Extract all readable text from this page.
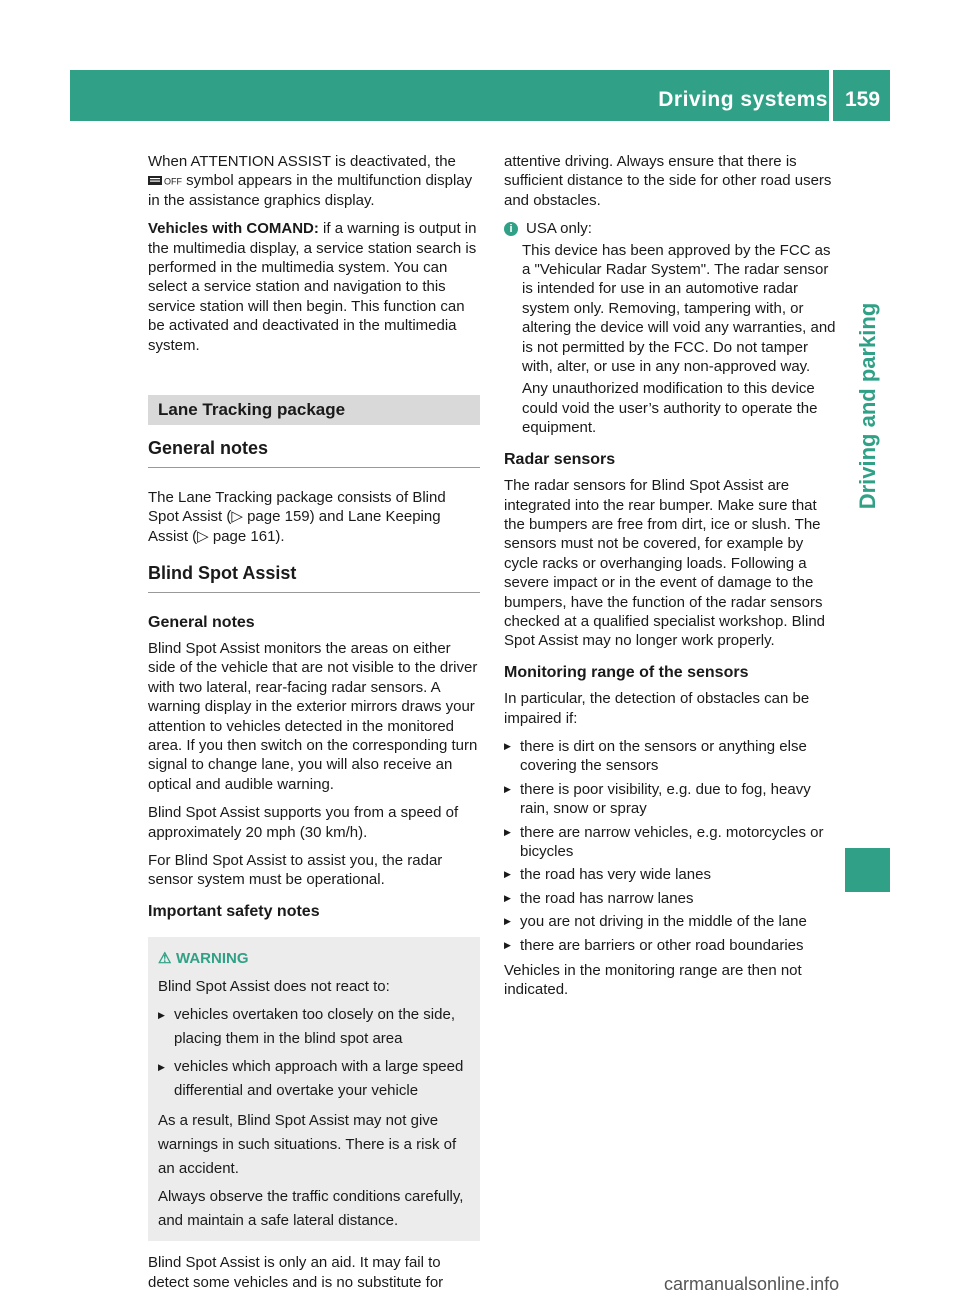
Driving systems 159
Driving and parking

When ATTENTION ASSIST is deactivated, the
OFF symbol appears in the multifunction display in the assistance graphics display.

Vehicles with COMAND: if a warning is output in the multimedia display, a service station search is performed in the multimedia system. You can select a service station and navigation to this service station will then begin. This function can be activated and deactivated in the multimedia system.

Lane Tracking package
General notes

The Lane Tracking package consists of Blind Spot Assist (▷ page 159) and Lane Keeping Assist (▷ page 161).

Blind Spot Assist
General notes

Blind Spot Assist monitors the areas on either side of the vehicle that are not visible to the driver with two lateral, rear-facing radar sensors. A warning display in the exterior mirrors draws your attention to vehicles detected in the monitored area. If you then switch on the corresponding turn signal to change lane, you will also receive an optical and audible warning.

Blind Spot Assist supports you from a speed of approximately 20 mph (30 km/h).

For Blind Spot Assist to assist you, the radar sensor system must be operational.

Important safety notes
⚠ WARNING

Blind Spot Assist does not react to:

▶ vehicles overtaken too closely on the side, placing them in the blind spot area
▶ vehicles which approach with a large speed differential and overtake your vehicle

As a result, Blind Spot Assist may not give warnings in such situations. There is a risk of an accident.

Always observe the traffic conditions carefully, and maintain a safe lateral distance.

Blind Spot Assist is only an aid. It may fail to detect some vehicles and is no substitute for

attentive driving. Always ensure that there is sufficient distance to the side for other road users and obstacles.

i USA only:

This device has been approved by the FCC as a "Vehicular Radar System". The radar sensor is intended for use in an automotive radar system only. Removing, tampering with, or altering the device will void any warranties, and is not permitted by the FCC. Do not tamper with, alter, or use in any non-approved way.

Any unauthorized modification to this device could void the user’s authority to operate the equipment.

Radar sensors

The radar sensors for Blind Spot Assist are integrated into the rear bumper. Make sure that the bumpers are free from dirt, ice or slush. The sensors must not be covered, for example by cycle racks or overhanging loads. Following a severe impact or in the event of damage to the bumpers, have the function of the radar sensors checked at a qualified specialist workshop. Blind Spot Assist may no longer work properly.

Monitoring range of the sensors

In particular, the detection of obstacles can be impaired if:

▶ there is dirt on the sensors or anything else covering the sensors
▶ there is poor visibility, e.g. due to fog, heavy rain, snow or spray
▶ there are narrow vehicles, e.g. motorcycles or bicycles
▶ the road has very wide lanes
▶ the road has narrow lanes
▶ you are not driving in the middle of the lane
▶ there are barriers or other road boundaries

Vehicles in the monitoring range are then not indicated.

carmanualsonline.info
